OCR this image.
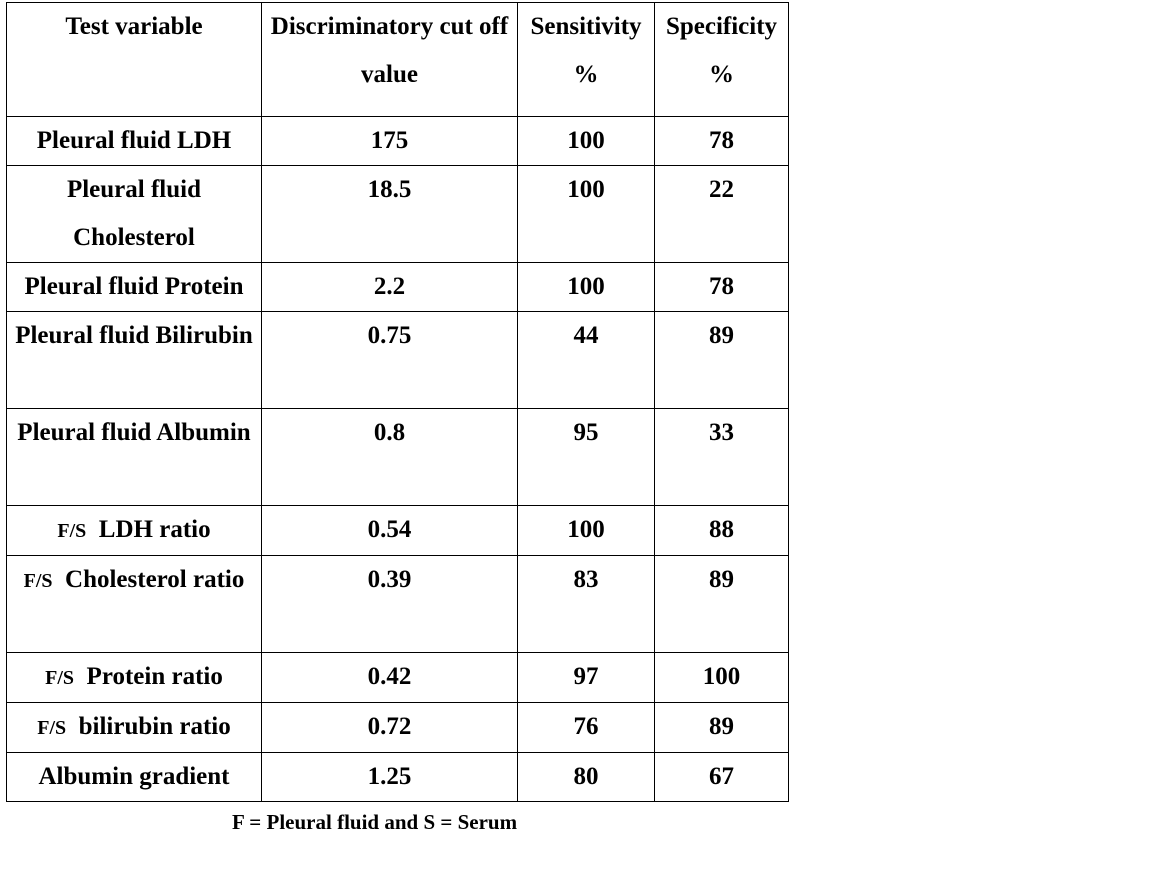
Test variable	Discriminatory cut off value	Sensitivity %	Specificity %
Pleural fluid LDH	175	100	78
Pleural fluid Cholesterol	18.5	100	22
Pleural fluid Protein	2.2	100	78
Pleural fluid Bilirubin	0.75	44	89
Pleural fluid Albumin	0.8	95	33
F/S LDH ratio	0.54	100	88
F/S Cholesterol ratio	0.39	83	89
F/S Protein ratio	0.42	97	100
F/S bilirubin ratio	0.72	76	89
Albumin gradient	1.25	80	67
F = Pleural fluid and S = Serum
